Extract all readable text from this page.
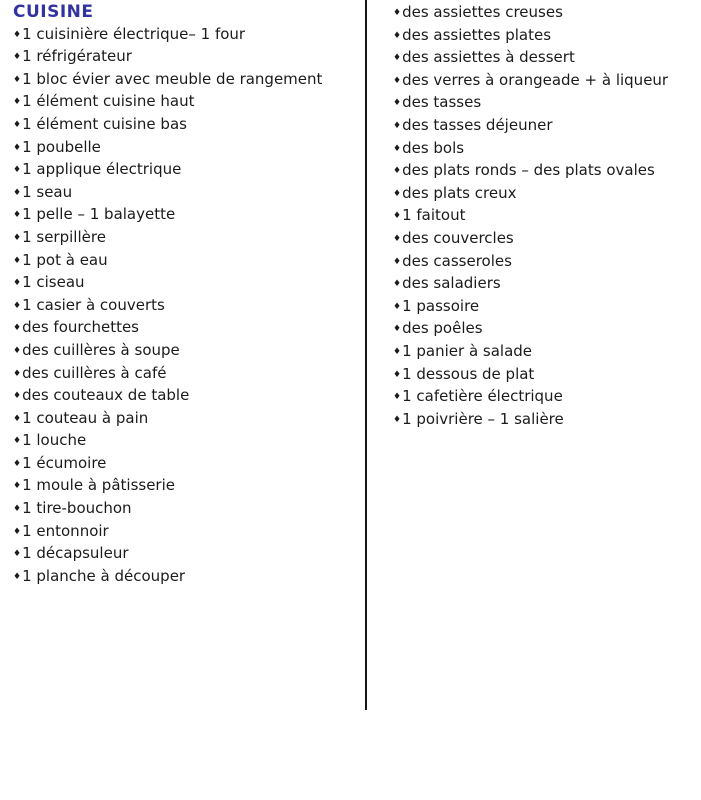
CUISINE
♦1 cuisinière électrique– 1 four
♦1 réfrigérateur
♦1 bloc évier avec meuble de rangement
♦1 élément cuisine haut
♦1 élément cuisine bas
♦1 poubelle
♦1 applique électrique
♦1 seau
♦1 pelle – 1 balayette
♦1 serpillère
♦1 pot à eau
♦1 ciseau
♦1 casier à couverts
♦des fourchettes
♦des cuillères à soupe
♦des cuillères à café
♦des couteaux de table
♦1 couteau à pain
♦1 louche
♦1 écumoire
♦1 moule à pâtisserie
♦1 tire-bouchon
♦1 entonnoir
♦1 décapsuleur
♦1 planche à découper
♦des assiettes creuses
♦des assiettes plates
♦des assiettes à dessert
♦des verres à orangeade + à liqueur
♦des tasses
♦des tasses déjeuner
♦des bols
♦des plats ronds – des plats ovales
♦des plats creux
♦1 faitout
♦des couvercles
♦des casseroles
♦des saladiers
♦1 passoire
♦des poêles
♦1 panier à salade
♦1 dessous de plat
♦1 cafetière électrique
♦1 poivrière – 1 salière
